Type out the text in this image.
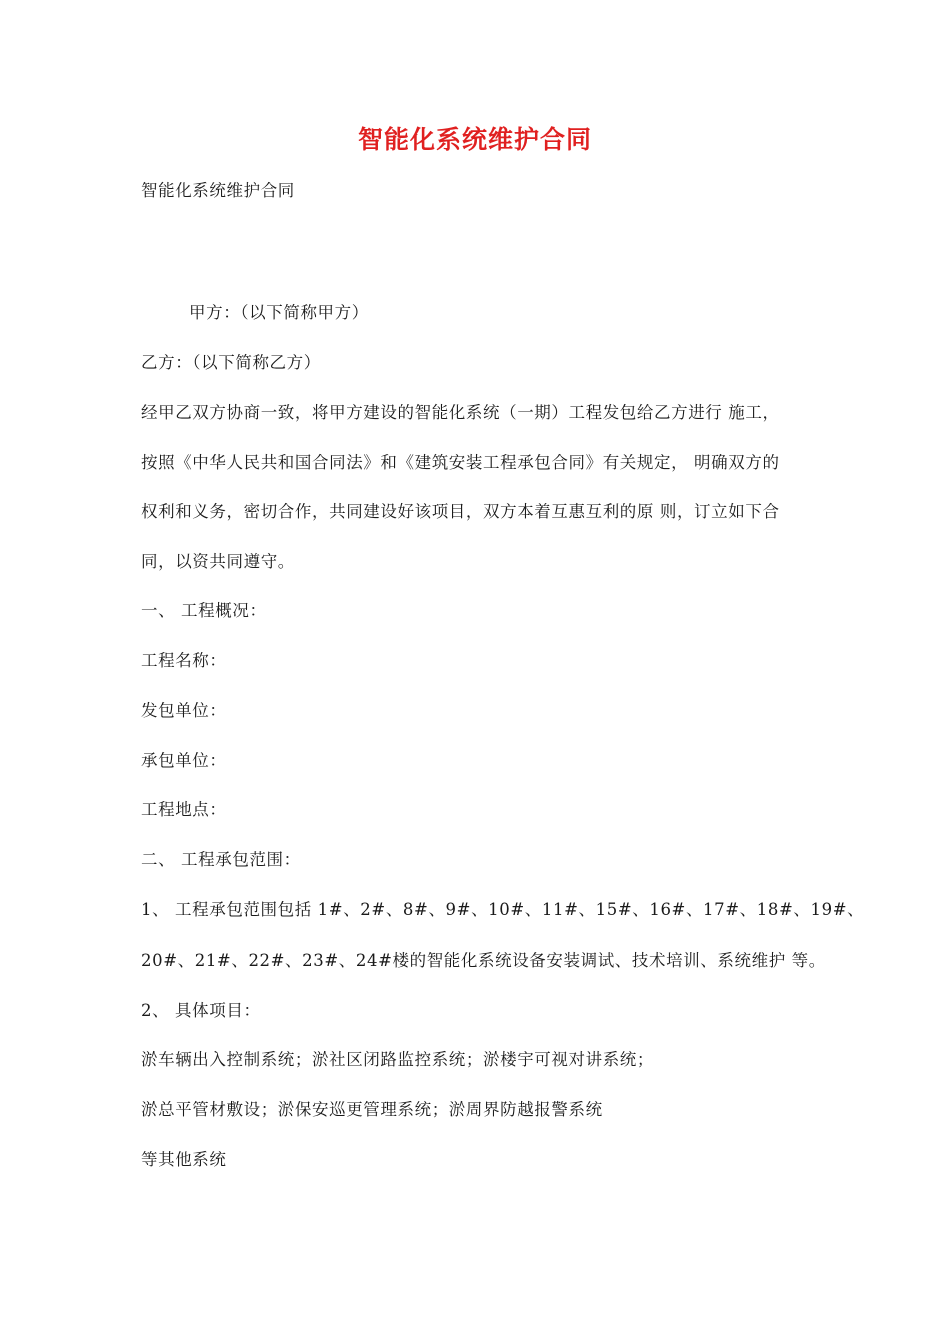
智能化系统维护合同
智能化系统维护合同
甲方：（以下简称甲方）
乙方：（以下简称乙方）
经甲乙双方协商一致，将甲方建设的智能化系统（一期）工程发包给乙方进行 施工，
按照《中华人民共和国合同法》和《建筑安装工程承包合同》有关规定， 明确双方的
权利和义务，密切合作，共同建设好该项目，双方本着互惠互利的原 则，订立如下合
同，以资共同遵守。
一、 工程概况：
工程名称：
发包单位：
承包单位：
工程地点：
二、 工程承包范围：
1、 工程承包范围包括 1#、2#、8#、9#、10#、11#、15#、16#、17#、18#、19#、
20#、21#、22#、23#、24#楼的智能化系统设备安装调试、技术培训、系统维护 等。
2、 具体项目：
淤车辆出入控制系统；淤社区闭路监控系统；淤楼宇可视对讲系统；
淤总平管材敷设；淤保安巡更管理系统；淤周界防越报警系统
等其他系统
